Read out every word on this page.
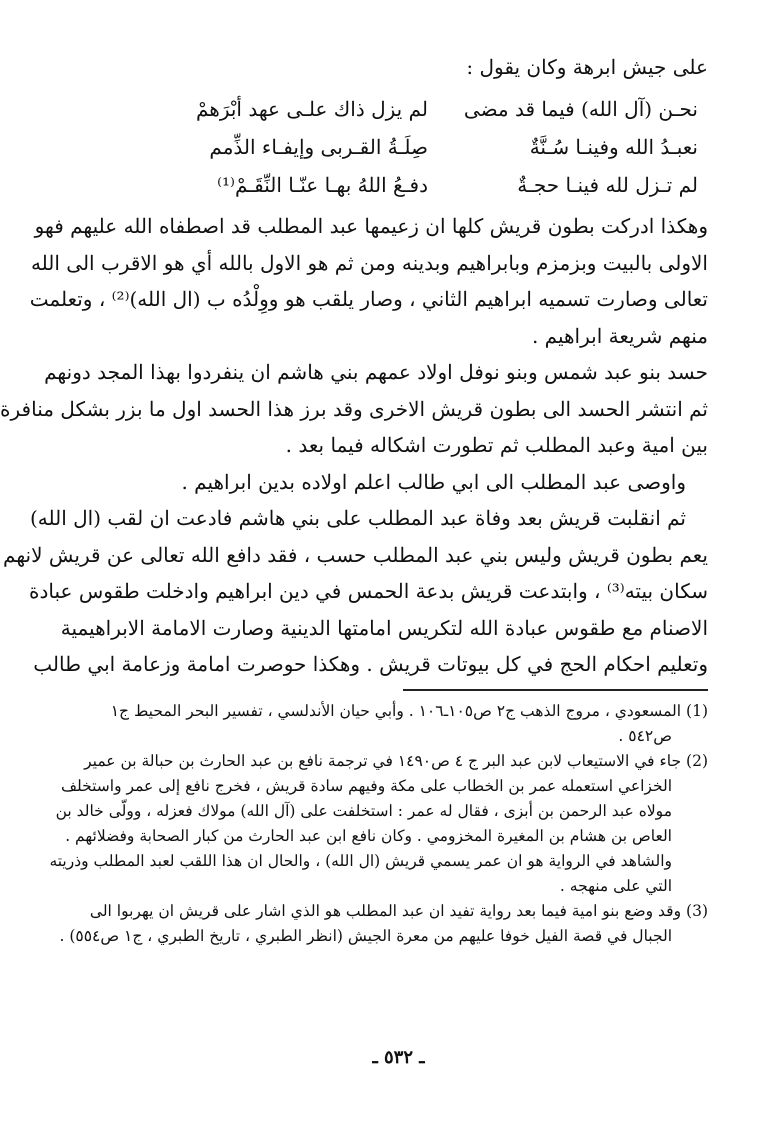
على جيش ابرهة وكان يقول :

نحـن (آل الله) فيما قد مضى
لم يزل ذاك علـى عهد أبْرَهمْ
نعبـدُ الله وفينـا سُـنَّةٌ
صِلَـةُ القـربى وإيفـاء الذِّمم
لم تـزل لله فينـا حجـةٌ
دفـعُ اللهُ بهـا عنّـا النِّقَـمْ⁽¹⁾

وهكذا ادركت بطون قريش كلها ان زعيمها عبد المطلب قد اصطفاه الله عليهم فهو

الاولى بالبيت وبزمزم وبابراهيم وبدينه ومن ثم هو الاول بالله أي هو الاقرب الى الله

تعالى وصارت تسميه ابراهيم الثاني ، وصار يلقب هو ووِلْدُه ب (ال الله)⁽²⁾ ، وتعلمت

منهم شريعة ابراهيم .

حسد بنو عبد شمس وبنو نوفل اولاد عمهم بني هاشم ان ينفردوا بهذا المجد دونهم

ثم انتشر الحسد الى بطون قريش الاخرى وقد برز هذا الحسد اول ما بزر بشكل منافرة

بين امية وعبد المطلب ثم تطورت اشكاله فيما بعد .

واوصى عبد المطلب الى ابي طالب اعلم اولاده بدين ابراهيم .

ثم انقلبت قريش بعد وفاة عبد المطلب على بني هاشم فادعت ان لقب (ال الله)

يعم بطون قريش وليس بني عبد المطلب حسب ، فقد دافع الله تعالى عن قريش لانهم

سكان بيته⁽³⁾ ، وابتدعت قريش بدعة الحمس في دين ابراهيم وادخلت طقوس عبادة

الاصنام مع طقوس عبادة الله لتكريس امامتها الدينية وصارت الامامة الابراهيمية

وتعليم احكام الحج في كل بيوتات قريش . وهكذا حوصرت امامة وزعامة ابي طالب

(1) المسعودي ، مروج الذهب ج٢ ص١٠٥ـ١٠٦ . وأبي حيان الأندلسي ، تفسير البحر المحيط ج١

ص٥٤٢ .

(2) جاء في الاستيعاب لابن عبد البر ج ٤ ص١٤٩٠ في ترجمة نافع بن عبد الحارث بن حبالة بن عمير

الخزاعي استعمله عمر بن الخطاب على مكة وفيهم سادة قريش ، فخرج نافع إلى عمر واستخلف

مولاه عبد الرحمن بن أبزى ، فقال له عمر : استخلفت على (آل الله) مولاك فعزله ، وولّى خالد بن

العاص بن هشام بن المغيرة المخزومي . وكان نافع ابن عبد الحارث من كبار الصحابة وفضلائهم .

والشاهد في الرواية هو ان عمر يسمي قريش (ال الله) ، والحال ان هذا اللقب لعبد المطلب وذريته

التي على منهجه .

(3) وقد وضع بنو امية فيما بعد رواية تفيد ان عبد المطلب هو الذي اشار على قريش ان يهربوا الى

الجبال في قصة الفيل خوفا عليهم من معرة الجيش (انظر الطبري ، تاريخ الطبري ، ج١ ص٥٥٤) .

ـ ٥٣٢ ـ
